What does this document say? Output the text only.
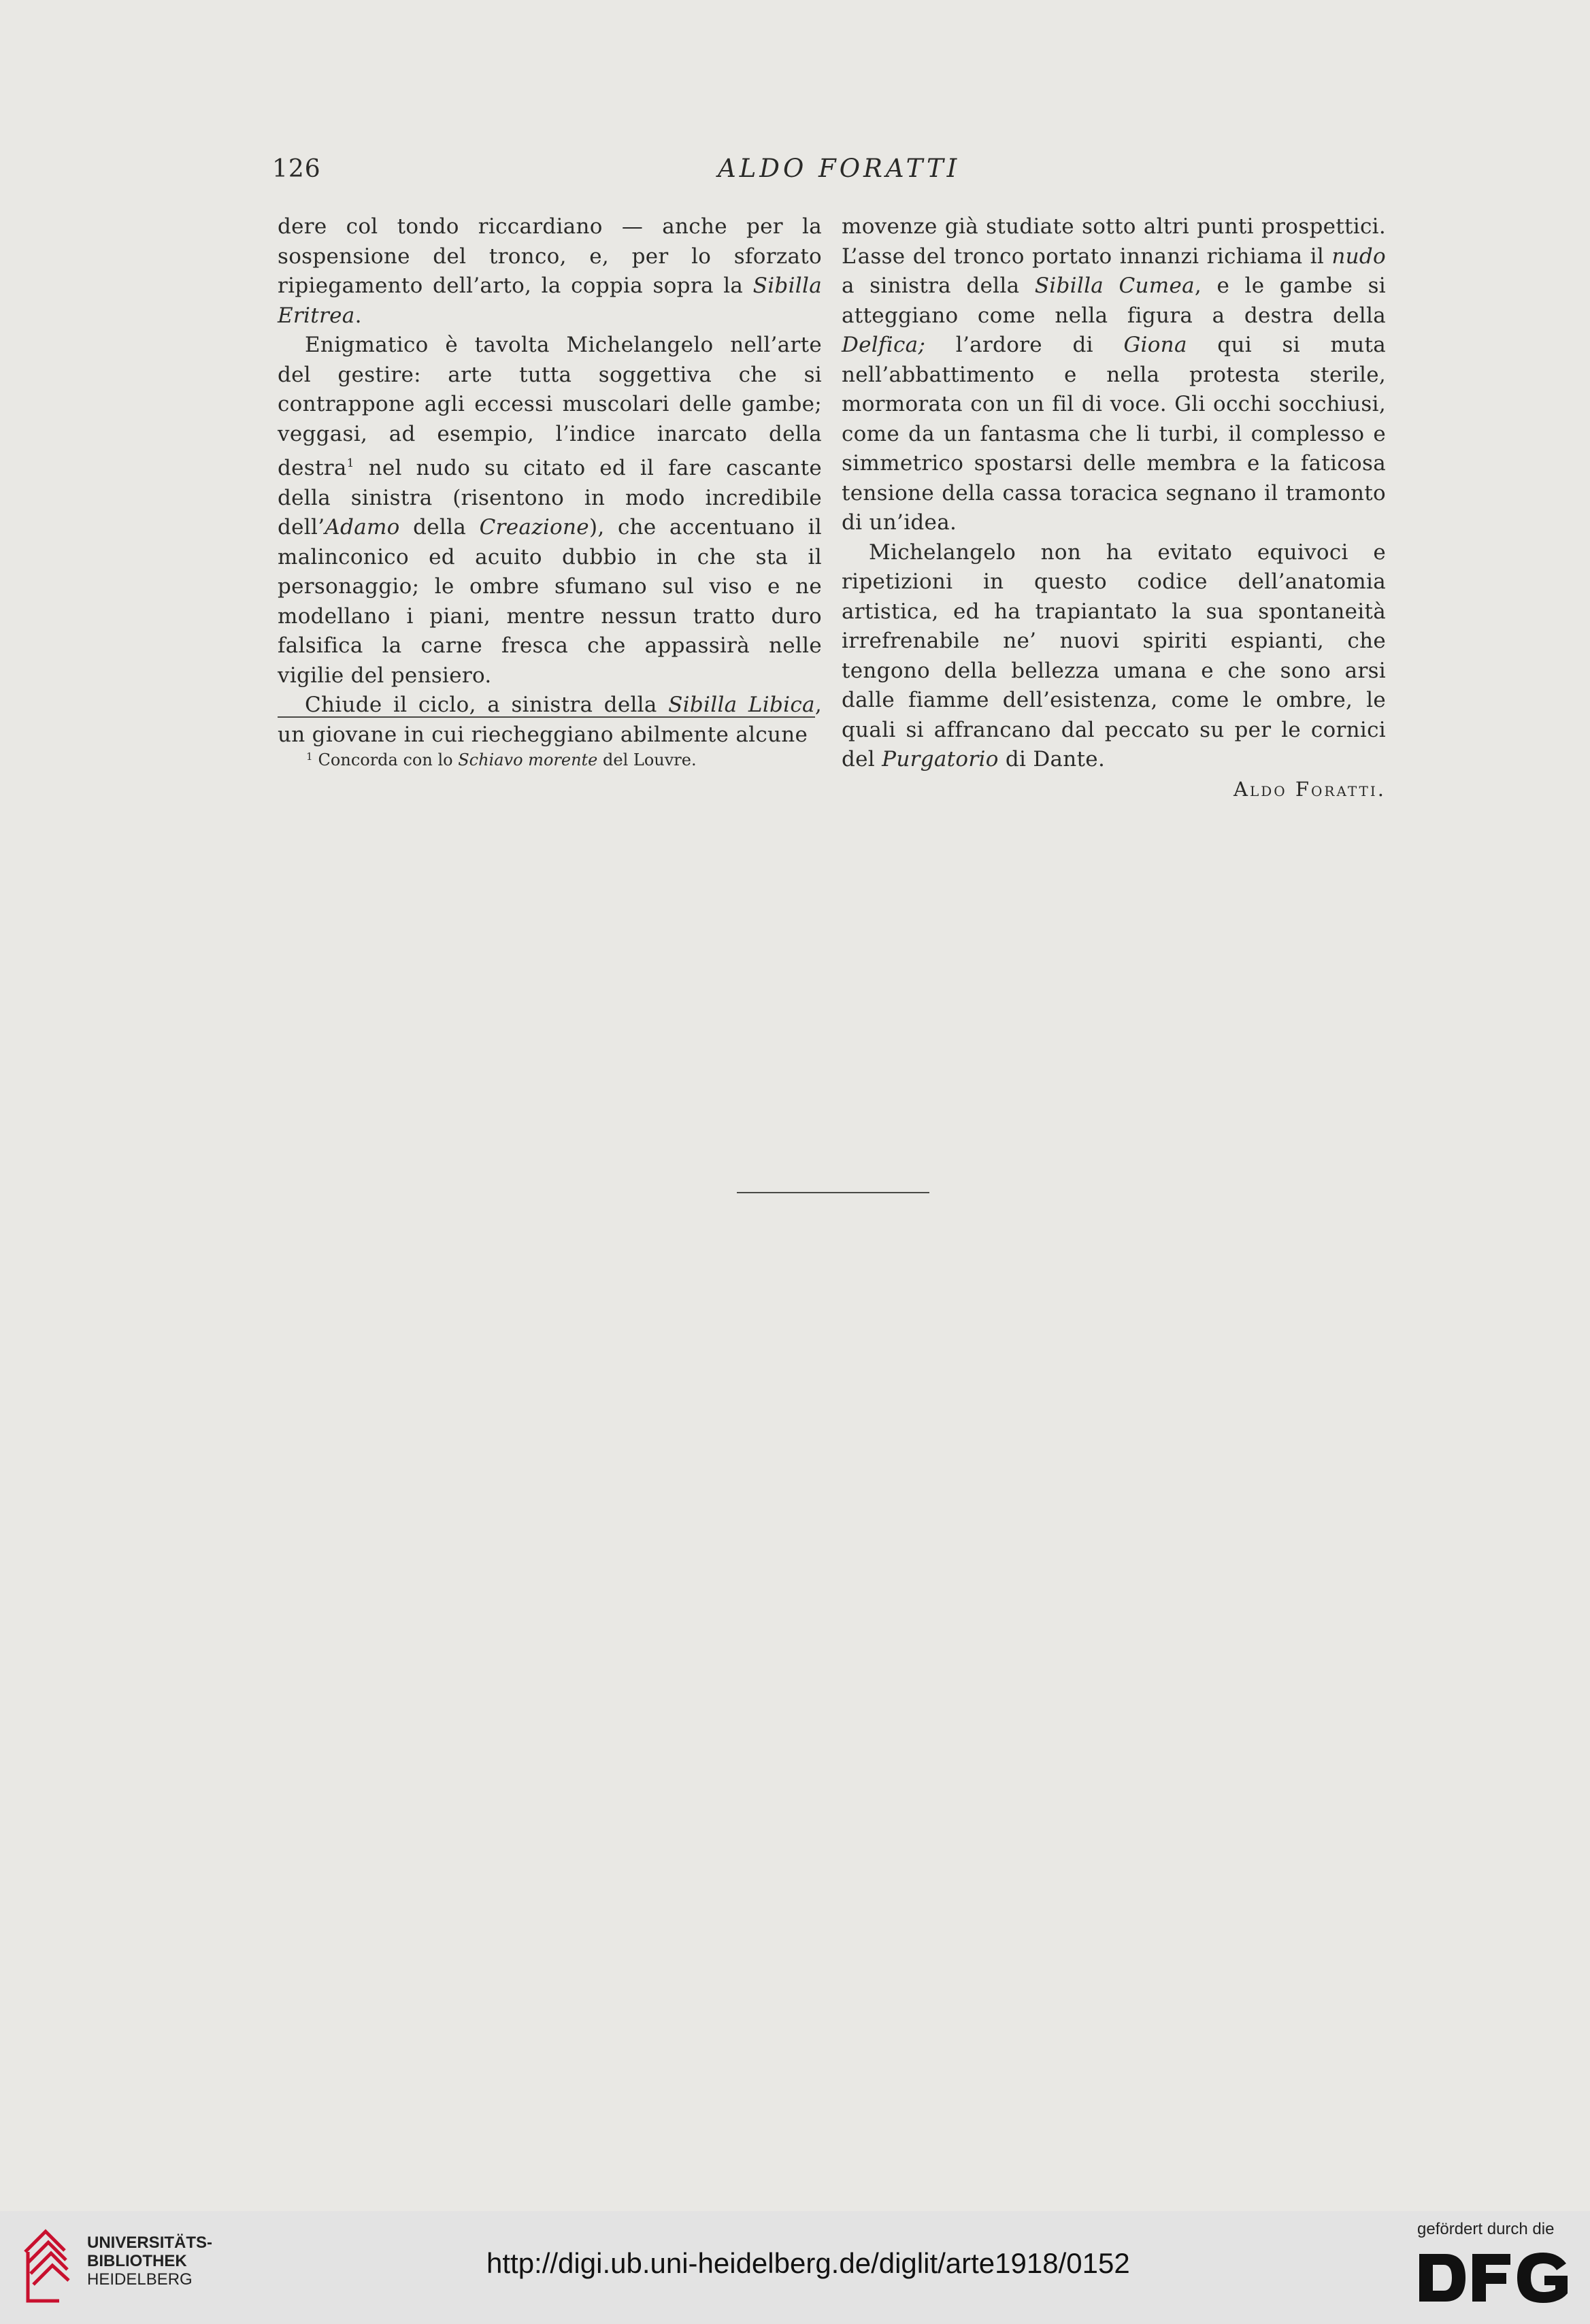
126	ALDO FORATTI

dere col tondo riccardiano — anche per la sospensione del tronco, e, per lo sforzato ripiegamento dell’arto, la coppia sopra la Sibilla Eritrea.

Enigmatico è tavolta Michelangelo nell’arte del gestire: arte tutta soggettiva che si contrappone agli eccessi muscolari delle gambe; veggasi, ad esempio, l’indice inarcato della destra$^1$ nel nudo su citato ed il fare cascante della sinistra (risentono in modo incredibile dell’Adamo della Creazione), che accentuano il malinconico ed acuito dubbio in che sta il personaggio; le ombre sfumano sul viso e ne modellano i piani, mentre nessun tratto duro falsifica la carne fresca che appassirà nelle vigilie del pensiero.

Chiude il ciclo, a sinistra della Sibilla Libica, un giovane in cui riecheggiano abilmente alcune

movenze già studiate sotto altri punti prospettici. L’asse del tronco portato innanzi richiama il nudo a sinistra della Sibilla Cumea, e le gambe si atteggiano come nella figura a destra della Delfica; l’ardore di Giona qui si muta nell’abbattimento e nella protesta sterile, mormorata con un fil di voce. Gli occhi socchiusi, come da un fantasma che li turbi, il complesso e simmetrico spostarsi delle membra e la faticosa tensione della cassa toracica segnano il tramonto di un’idea.

Michelangelo non ha evitato equivoci e ripetizioni in questo codice dell’anatomia artistica, ed ha trapiantato la sua spontaneità irrefrenabile ne’ nuovi spiriti espianti, che tengono della bellezza umana e che sono arsi dalle fiamme dell’esistenza, come le ombre, le quali si affrancano dal peccato su per le cornici del Purgatorio di Dante.

Aldo Foratti.

$^1$ Concorda con lo Schiavo morente del Louvre.
UNIVERSITÄTS-
BIBLIOTHEK
HEIDELBERG
http://digi.ub.uni-heidelberg.de/diglit/arte1918/0152
gefördert durch die
